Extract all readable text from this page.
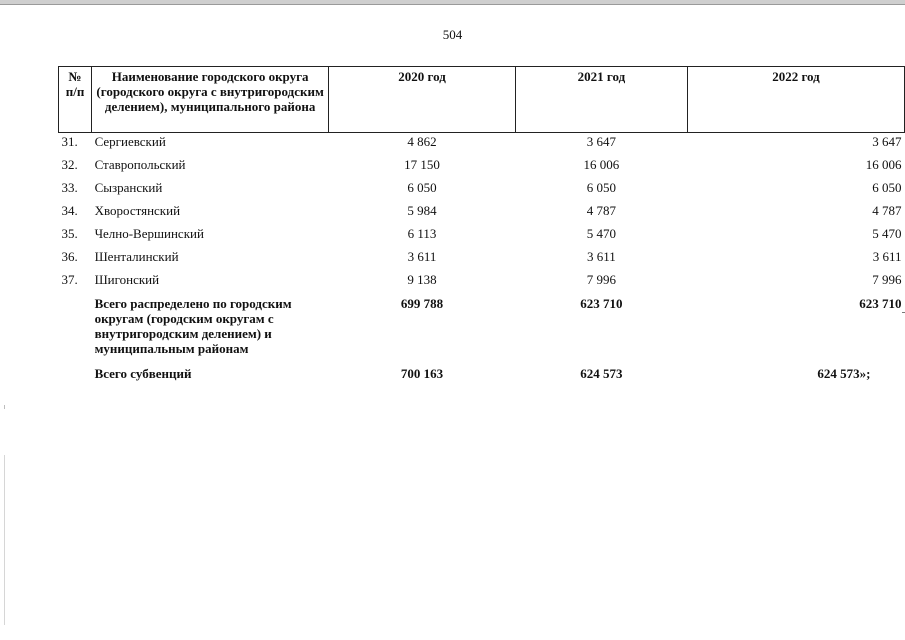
504
№ п/п	Наименование городского округа (городского округа с внутригородским делением), муниципального района	2020 год	2021 год	2022 год
31.	Сергиевский	4 862	3 647	3 647
32.	Ставропольский	17 150	16 006	16 006
33.	Сызранский	6 050	6 050	6 050
34.	Хворостянский	5 984	4 787	4 787
35.	Челно-Вершинский	6 113	5 470	5 470
36.	Шенталинский	3 611	3 611	3 611
37.	Шигонский	9 138	7 996	7 996
	Всего распределено по городским округам (городским округам с внутригородским делением) и муниципальным районам	699 788	623 710	623 710
	Всего субвенций	700 163	624 573	624 573»;
